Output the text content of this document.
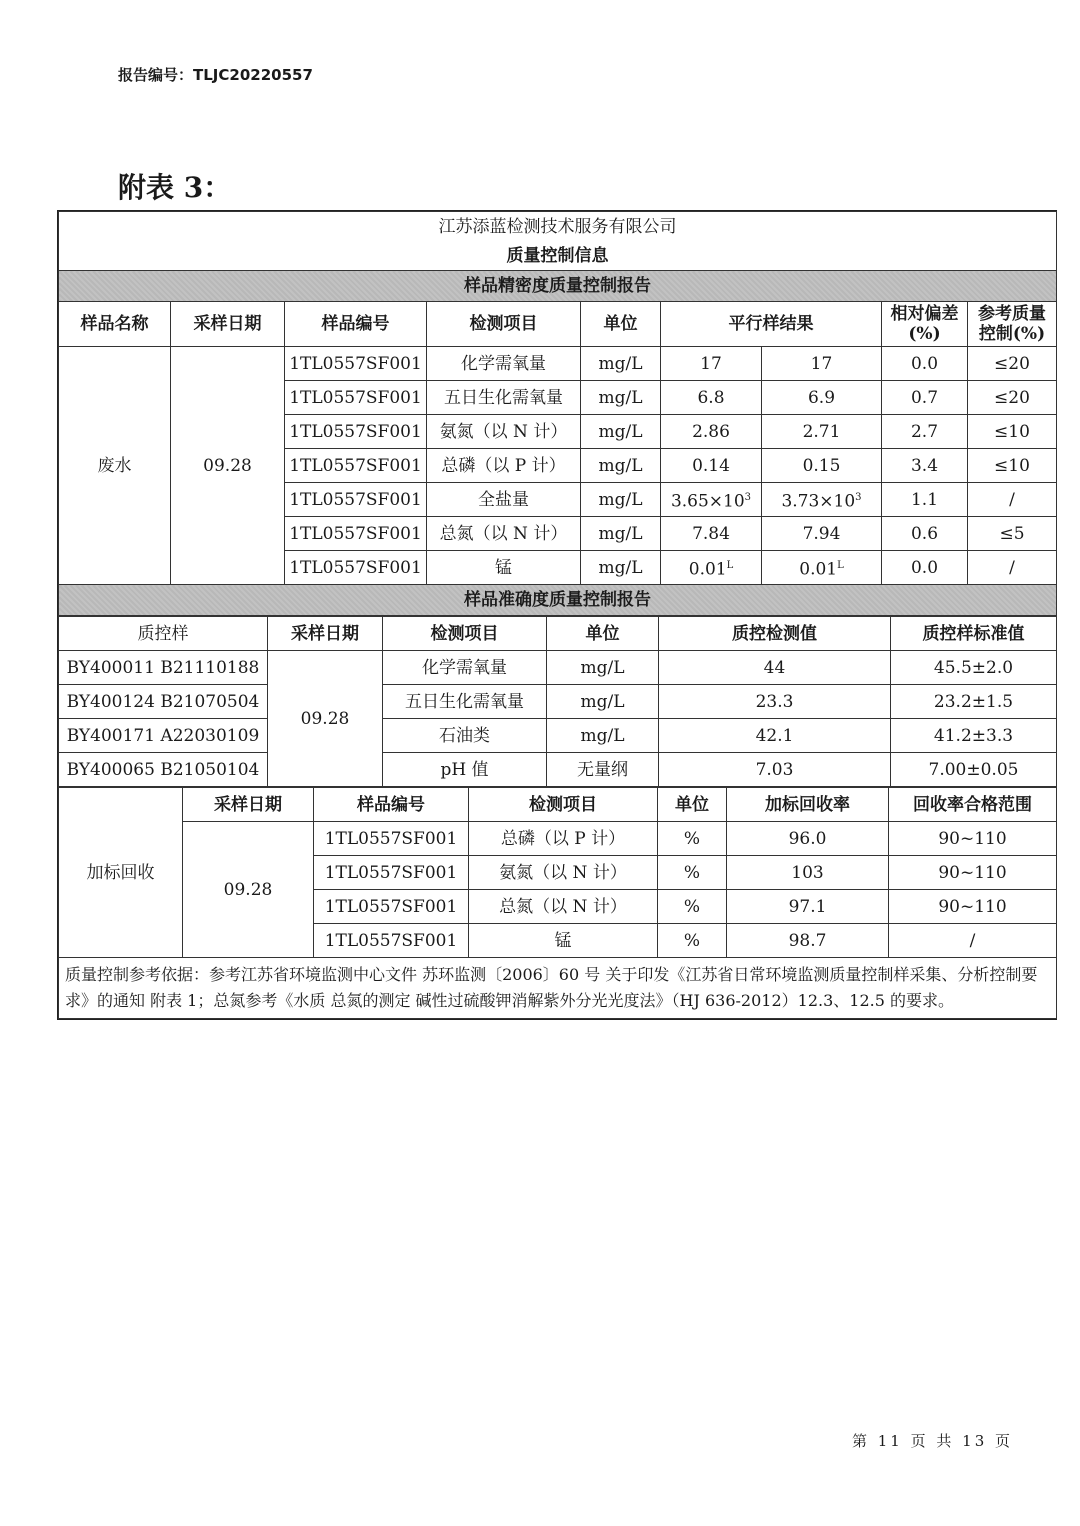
报告编号：TLJC20220557
附表 3：
江苏添蓝检测技术服务有限公司								
质量控制信息								
样品精密度质量控制报告								
样品名称	采样日期	样品编号	检测项目	单位	平行样结果		相对偏差(%)	参考质量控制(%)
废水	09.28	1TL0557SF001	化学需氧量	mg/L	17	17	0.0	≤20
		1TL0557SF001	五日生化需氧量	mg/L	6.8	6.9	0.7	≤20
		1TL0557SF001	氨氮（以 N 计）	mg/L	2.86	2.71	2.7	≤10
		1TL0557SF001	总磷（以 P 计）	mg/L	0.14	0.15	3.4	≤10
		1TL0557SF001	全盐量	mg/L	$3.65\times 10^3$	$3.73\times 10^3$	1.1	/
		1TL0557SF001	总氮（以 N 计）	mg/L	7.84	7.94	0.6	≤5
		1TL0557SF001	锰	mg/L	$0.01^L$	$0.01^L$	0.0	/
样品准确度质量控制报告								
质控样	采样日期	检测项目	单位	质控检测值	质控样标准值
BY400011 B21110188	09.28	化学需氧量	mg/L	44	45.5±2.0
BY400124 B21070504		五日生化需氧量	mg/L	23.3	23.2±1.5
BY400171 A22030109		石油类	mg/L	42.1	41.2±3.3
BY400065 B21050104		pH 值	无量纲	7.03	7.00±0.05
加标回收	采样日期	样品编号	检测项目	单位	加标回收率	回收率合格范围
	09.28	1TL0557SF001	总磷（以 P 计）	%	96.0	90~110
		1TL0557SF001	氨氮（以 N 计）	%	103	90~110
		1TL0557SF001	总氮（以 N 计）	%	97.1	90~110
		1TL0557SF001	锰	%	98.7	/
质量控制参考依据：参考江苏省环境监测中心文件 苏环监测〔2006〕60 号 关于印发《江苏省日常环境监测质量控制样采集、分析控制要求》的通知 附表 1；总氮参考《水质 总氮的测定 碱性过硫酸钾消解紫外分光光度法》（HJ 636-2012）12.3、12.5 的要求。						
第 11 页 共 13 页
